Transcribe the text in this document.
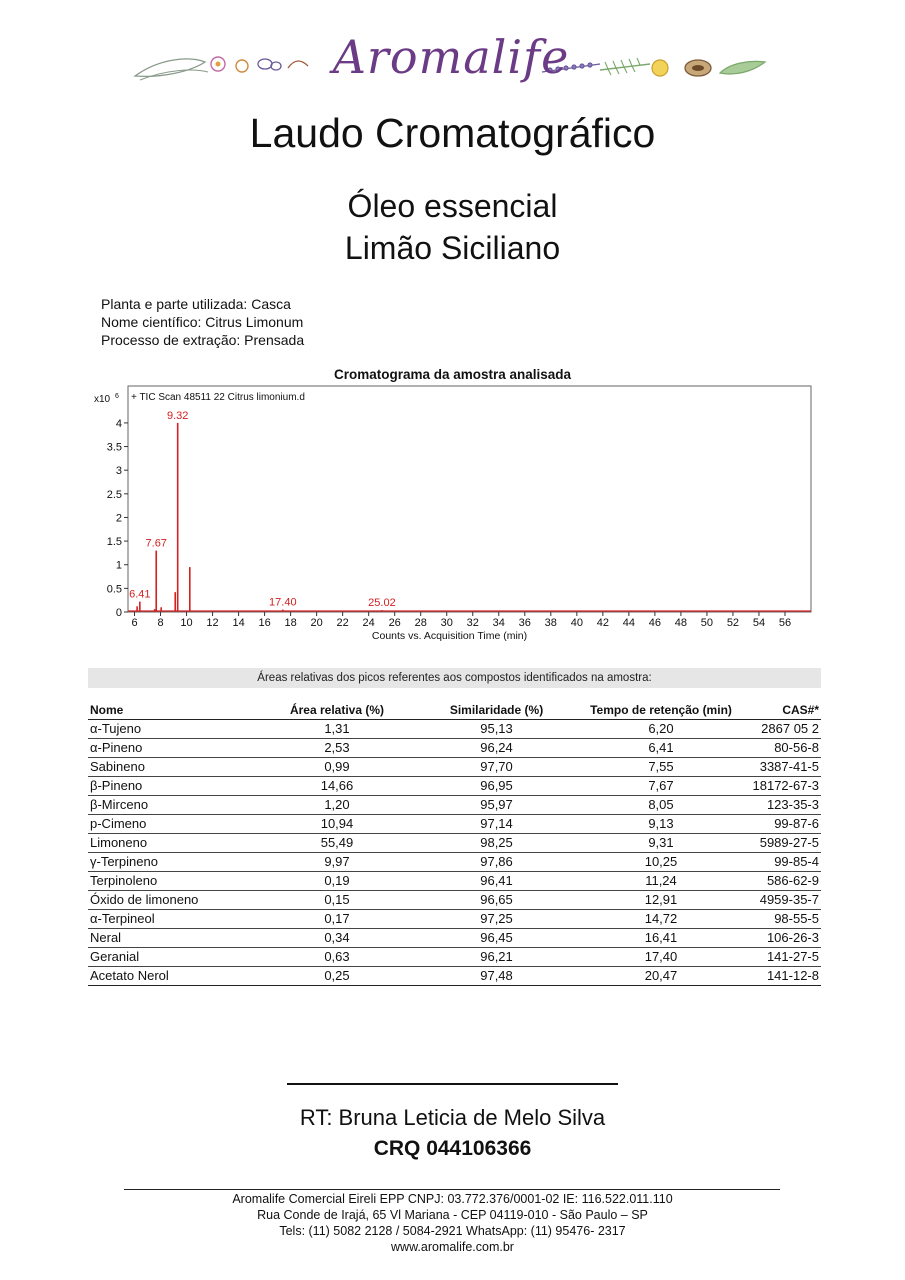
Aromalife
Laudo Cromatográfico
Óleo essencial
Limão Siciliano
Planta e parte utilizada: Casca
Nome científico: Citrus Limonum
Processo de extração: Prensada
Cromatograma da amostra analisada
x10 6 + TIC Scan 48511 22 Citrus limonium.d
0
0.5
1
1.5
2
2.5
3
3.5
4
6 8 10 12 14 16 18 20 22 24 26 28 30 32 34 36 38 40 42 44 46 48 50 52 54 56
Counts vs. Acquisition Time (min)
6.41
7.67
9.32
17.40	25.02
Áreas relativas dos picos referentes aos compostos identificados na amostra:
Nome	Área relativa (%)	Similaridade (%)	Tempo de retenção (min)	CAS#*
α-Tujeno	1,31	95,13	6,20	2867 05 2
α-Pineno	2,53	96,24	6,41	80-56-8
Sabineno	0,99	97,70	7,55	3387-41-5
β-Pineno	14,66	96,95	7,67	18172-67-3
β-Mirceno	1,20	95,97	8,05	123-35-3
p-Cimeno	10,94	97,14	9,13	99-87-6
Limoneno	55,49	98,25	9,31	5989-27-5
γ-Terpineno	9,97	97,86	10,25	99-85-4
Terpinoleno	0,19	96,41	11,24	586-62-9
Óxido de limoneno	0,15	96,65	12,91	4959-35-7
α-Terpineol	0,17	97,25	14,72	98-55-5
Neral	0,34	96,45	16,41	106-26-3
Geranial	0,63	96,21	17,40	141-27-5
Acetato Nerol	0,25	97,48	20,47	141-12-8
RT: Bruna Leticia de Melo Silva
CRQ 044106366
Aromalife Comercial Eireli EPP CNPJ: 03.772.376/0001-02 IE: 116.522.011.110
Rua Conde de Irajá, 65 Vl Mariana - CEP 04119-010 - São Paulo – SP
Tels: (11) 5082 2128 / 5084-2921 WhatsApp: (11) 95476- 2317
www.aromalife.com.br
